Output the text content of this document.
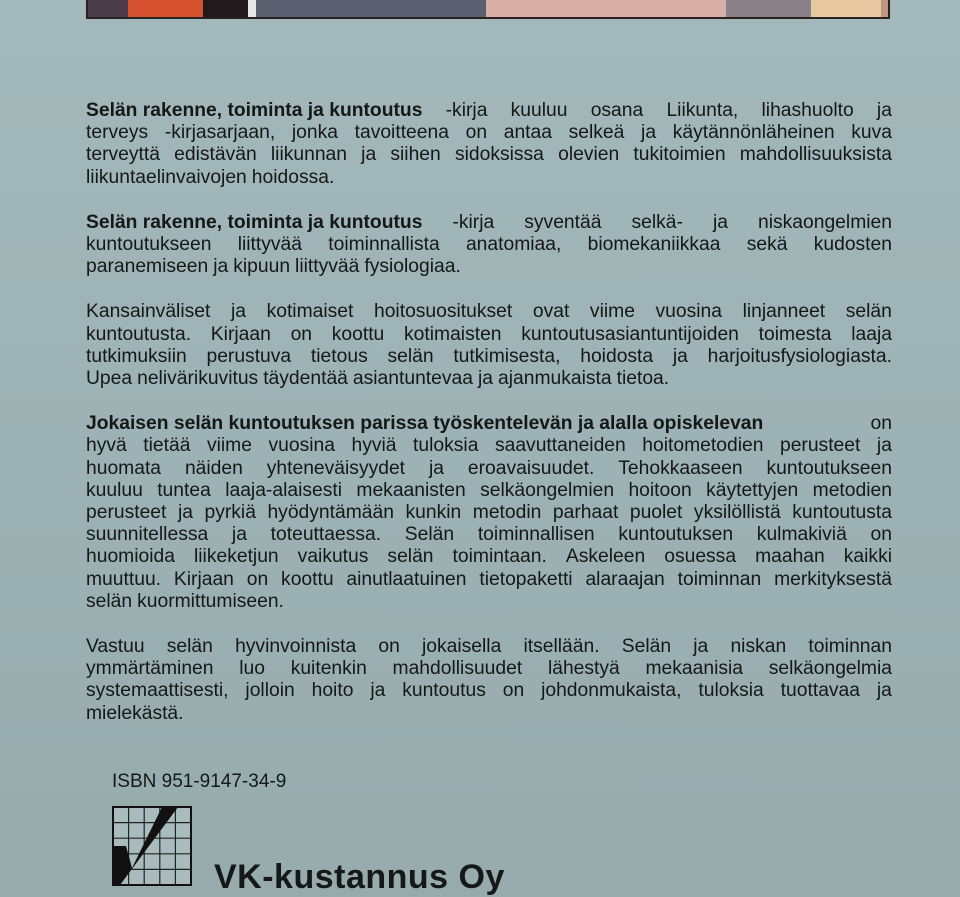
Selän rakenne, toiminta ja kuntoutus -kirja kuuluu osana Liikunta, lihashuolto ja
terveys -kirjasarjaan, jonka tavoitteena on antaa selkeä ja käytännönläheinen kuva
terveyttä edistävän liikunnan ja siihen sidoksissa olevien tukitoimien mahdollisuuksista
liikuntaelinvaivojen hoidossa.
Selän rakenne, toiminta ja kuntoutus -kirja syventää selkä- ja niskaongelmien
kuntoutukseen liittyvää toiminnallista anatomiaa, biomekaniikkaa sekä kudosten
paranemiseen ja kipuun liittyvää fysiologiaa.
Kansainväliset ja kotimaiset hoitosuositukset ovat viime vuosina linjanneet selän
kuntoutusta. Kirjaan on koottu kotimaisten kuntoutusasiantuntijoiden toimesta laaja
tutkimuksiin perustuva tietous selän tutkimisesta, hoidosta ja harjoitusfysiologiasta.
Upea nelivärikuvitus täydentää asiantuntevaa ja ajanmukaista tietoa.
Jokaisen selän kuntoutuksen parissa työskentelevän ja alalla opiskelevan	on
hyvä tietää viime vuosina hyviä tuloksia saavuttaneiden hoitometodien perusteet ja
huomata näiden yhteneväisyydet ja eroavaisuudet. Tehokkaaseen kuntoutukseen
kuuluu tuntea laaja-alaisesti mekaanisten selkäongelmien hoitoon käytettyjen metodien
perusteet ja pyrkiä hyödyntämään kunkin metodin parhaat puolet yksilöllistä kuntoutusta
suunnitellessa ja toteuttaessa. Selän toiminnallisen kuntoutuksen kulmakiviä on
huomioida liikeketjun vaikutus selän toimintaan. Askeleen osuessa maahan kaikki
muuttuu. Kirjaan on koottu ainutlaatuinen tietopaketti alaraajan toiminnan merkityksestä
selän kuormittumiseen.
Vastuu selän hyvinvoinnista on jokaisella itsellään. Selän ja niskan toiminnan
ymmärtäminen luo kuitenkin mahdollisuudet lähestyä mekaanisia selkäongelmia
systemaattisesti, jolloin hoito ja kuntoutus on johdonmukaista, tuloksia tuottavaa ja
mielekästä.
ISBN 951-9147-34-9
VK-kustannus Oy
